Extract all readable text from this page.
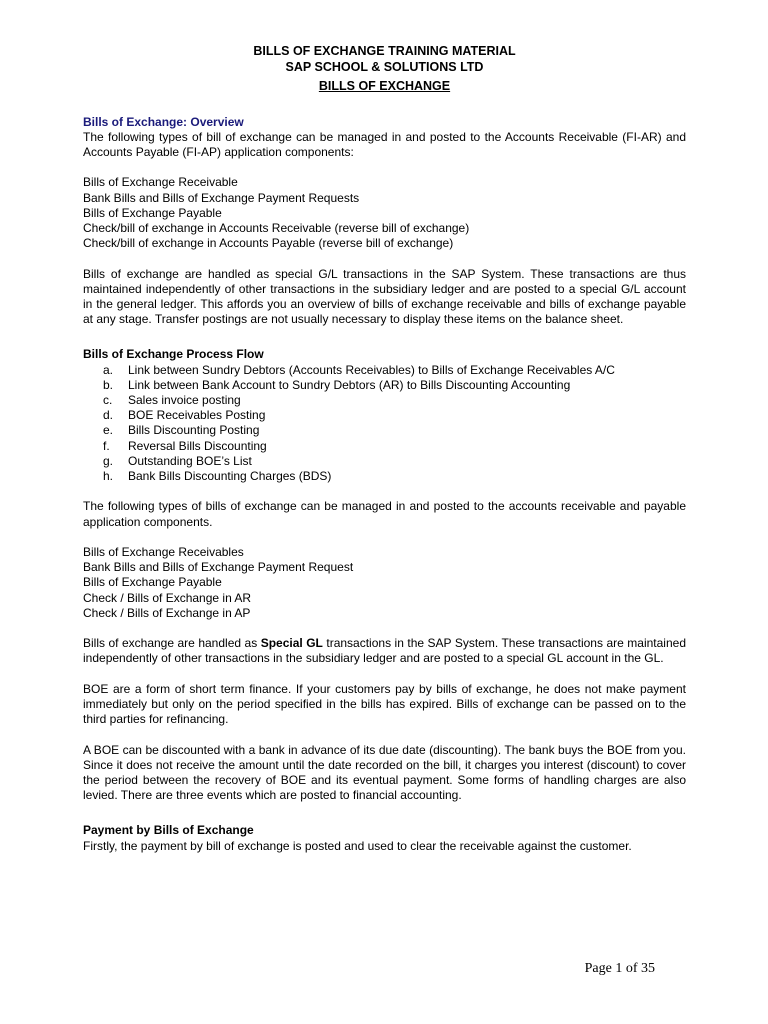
BILLS OF EXCHANGE TRAINING MATERIAL
SAP SCHOOL & SOLUTIONS LTD
BILLS OF EXCHANGE
Bills of Exchange: Overview

The following types of bill of exchange can be managed in and posted to the Accounts Receivable (FI-AR) and Accounts Payable (FI-AP) application components:

Bills of Exchange Receivable
Bank Bills and Bills of Exchange Payment Requests
Bills of Exchange Payable
Check/bill of exchange in Accounts Receivable (reverse bill of exchange)
Check/bill of exchange in Accounts Payable (reverse bill of exchange)

Bills of exchange are handled as special G/L transactions in the SAP System. These transactions are thus maintained independently of other transactions in the subsidiary ledger and are posted to a special G/L account in the general ledger. This affords you an overview of bills of exchange receivable and bills of exchange payable at any stage. Transfer postings are not usually necessary to display these items on the balance sheet.

Bills of Exchange Process Flow
a.	Link between Sundry Debtors (Accounts Receivables) to Bills of Exchange Receivables A/C
b.	Link between Bank Account to Sundry Debtors (AR) to Bills Discounting Accounting
c.	Sales invoice posting
d.	BOE Receivables Posting
e.	Bills Discounting Posting
f.	Reversal Bills Discounting
g.	Outstanding BOE’s List
h.	Bank Bills Discounting Charges (BDS)

The following types of bills of exchange can be managed in and posted to the accounts receivable and payable application components.

Bills of Exchange Receivables
Bank Bills and Bills of Exchange Payment Request
Bills of Exchange Payable
Check / Bills of Exchange in AR
Check / Bills of Exchange in AP

Bills of exchange are handled as Special GL transactions in the SAP System. These transactions are maintained independently of other transactions in the subsidiary ledger and are posted to a special GL account in the GL.

BOE are a form of short term finance. If your customers pay by bills of exchange, he does not make payment immediately but only on the period specified in the bills has expired. Bills of exchange can be passed on to the third parties for refinancing.

A BOE can be discounted with a bank in advance of its due date (discounting). The bank buys the BOE from you. Since it does not receive the amount until the date recorded on the bill, it charges you interest (discount) to cover the period between the recovery of BOE and its eventual payment. Some forms of handling charges are also levied. There are three events which are posted to financial accounting.

Payment by Bills of Exchange

Firstly, the payment by bill of exchange is posted and used to clear the receivable against the customer.

Page 1 of 35
